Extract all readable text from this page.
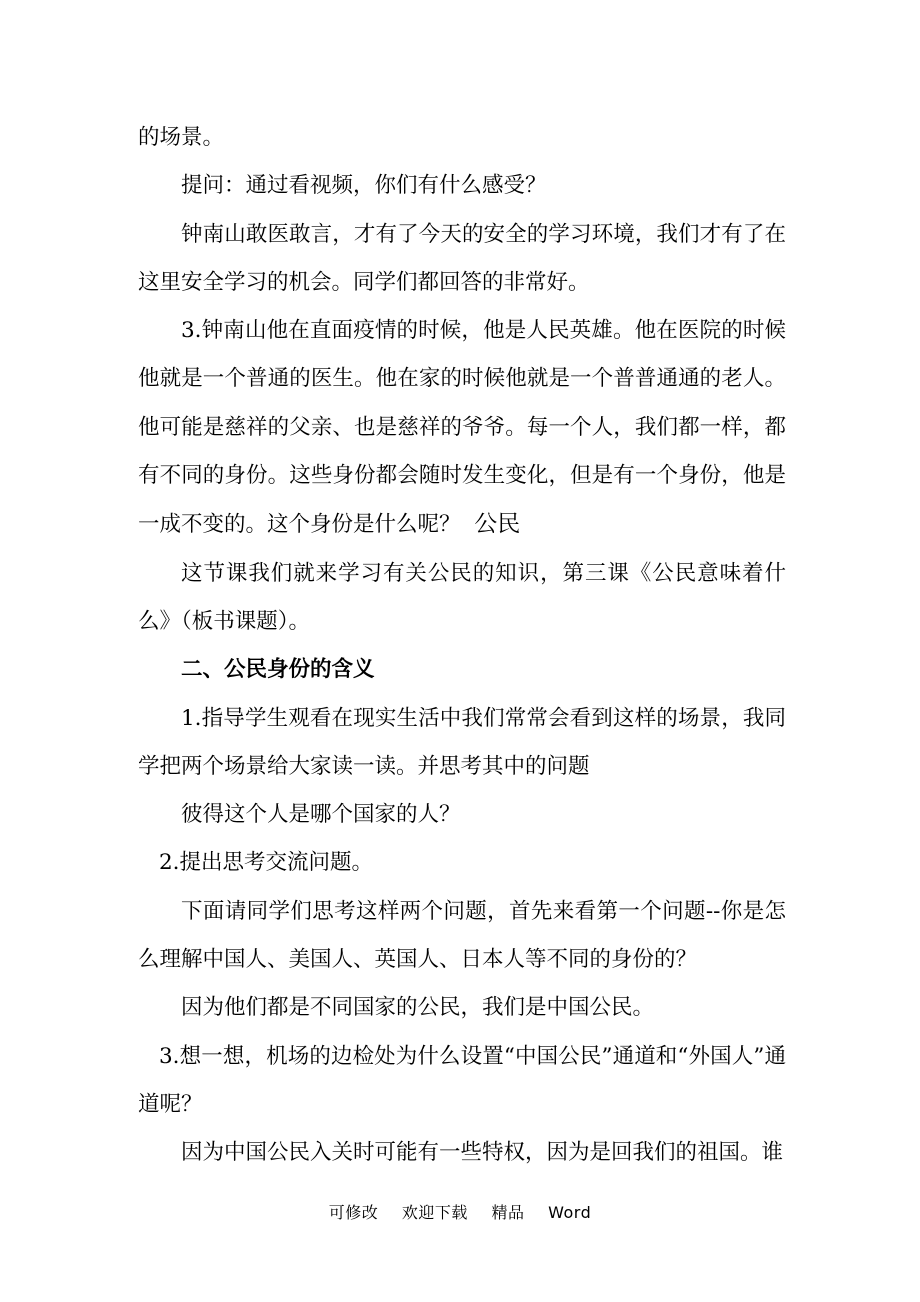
的场景。

提问：通过看视频，你们有什么感受？

钟南山敢医敢言，才有了今天的安全的学习环境，我们才有了在这里安全学习的机会。同学们都回答的非常好。

3.钟南山他在直面疫情的时候，他是人民英雄。他在医院的时候他就是一个普通的医生。他在家的时候他就是一个普普通通的老人。他可能是慈祥的父亲、也是慈祥的爷爷。每一个人，我们都一样，都有不同的身份。这些身份都会随时发生变化，但是有一个身份，他是一成不变的。这个身份是什么呢？ 公民

这节课我们就来学习有关公民的知识，第三课《公民意味着什么》（板书课题）。

二、公民身份的含义

1.指导学生观看在现实生活中我们常常会看到这样的场景，我同学把两个场景给大家读一读。并思考其中的问题

彼得这个人是哪个国家的人？

2.提出思考交流问题。

下面请同学们思考这样两个问题，首先来看第一个问题--你是怎么理解中国人、美国人、英国人、日本人等不同的身份的？

因为他们都是不同国家的公民，我们是中国公民。

3.想一想，机场的边检处为什么设置“中国公民”通道和“外国人”通道呢？

因为中国公民入关时可能有一些特权，因为是回我们的祖国。谁

可修改 欢迎下载 精品 Word
